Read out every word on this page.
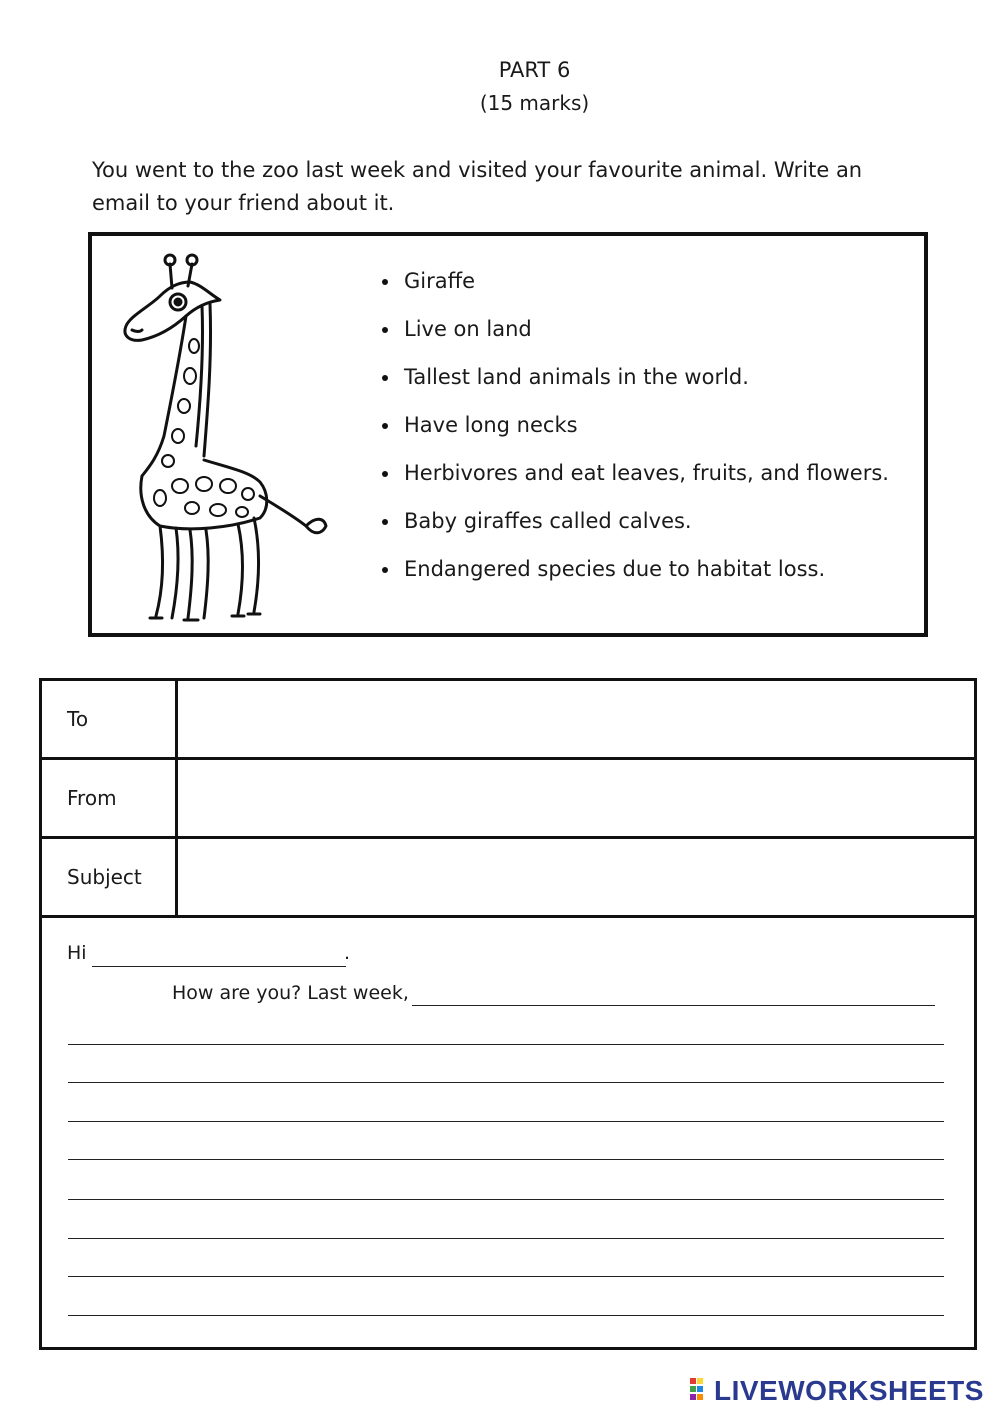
PART 6
(15 marks)
You went to the zoo last week and visited your favourite animal. Write an email to your friend about it.
Giraffe
Live on land
Tallest land animals in the world.
Have long necks
Herbivores and eat leaves, fruits, and flowers.
Baby giraffes called calves.
Endangered species due to habitat loss.
To
From
Subject
Hi	.
How are you? Last week,
LIVEWORKSHEETS
